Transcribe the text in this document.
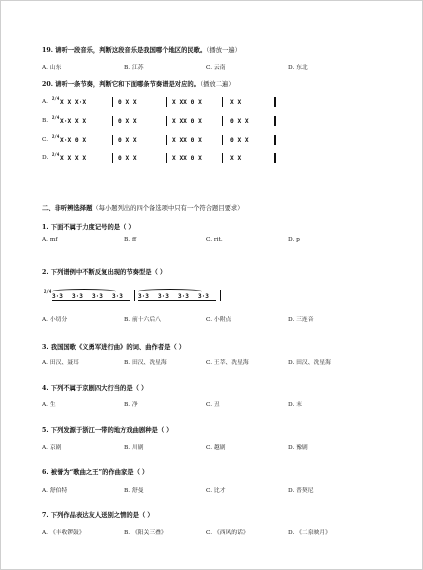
19. 请听一段音乐，判断这段音乐是我国哪个地区的民歌。（播放一遍）
A. 山东	B. 江苏	C. 云南	D. 东北
20. 请听一条节奏，判断它和下面哪条节奏谱是对应的。（播放二遍）
A.
2/4
X X X·X	0 X X	X XX 0 X	X X
B.
2/4
X·X X X	0 X X	X XX 0 X	0 X X
C.
2/4
X·X 0 X	0 X X	X XX 0 X	0 X X
D.
2/4
X X X X	0 X X	X XX 0 X	X X
二、非听辨选择题（每小题列出的四个备选项中只有一个符合题目要求）
1. 下面不属于力度记号的是（ ）
A. mf	B. ff	C. rit.	D. p
2. 下列谱例中不断反复出现的节奏型是（ ）
2/4
3·3 3·3 3·3 3·3	3·3 3·3 3·3 3·3
A. 小切分	B. 前十六后八	C. 小附点	D. 三连音
3. 我国国歌《义勇军进行曲》的词、曲作者是（ ）
A. 田汉、聂耳	B. 田汉、冼星海	C. 王莘、冼星海	D. 田汉、冼星海
4. 下列不属于京剧四大行当的是（ ）
A. 生	B. 净	C. 丑	D. 末
5. 下列发源于浙江一带的地方戏曲剧种是（ ）
A. 京剧	B. 川剧	C. 越剧	D. 豫剧
6. 被誉为“歌曲之王”的作曲家是（ ）
A. 舒伯特	B. 舒曼	C. 比才	D. 普契尼
7. 下列作品表达友人送别之情的是（ ）
A. 《丰收锣鼓》	B. 《阳关三叠》	C. 《西风的话》	D. 《二泉映月》
